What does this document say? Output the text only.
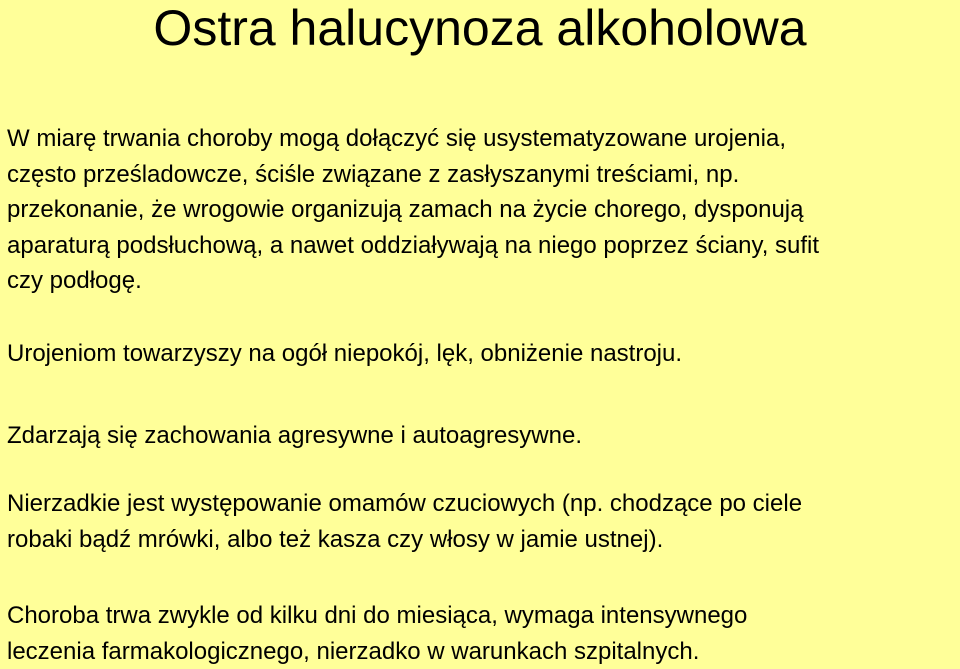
Ostra halucynoza alkoholowa

W miarę trwania choroby mogą dołączyć się usystematyzowane urojenia,
często prześladowcze, ściśle związane z zasłyszanymi treściami, np.
przekonanie, że wrogowie organizują zamach na życie chorego, dysponują
aparaturą podsłuchową, a nawet oddziaływają na niego poprzez ściany, sufit
czy podłogę.

Urojeniom towarzyszy na ogół niepokój, lęk, obniżenie nastroju.

Zdarzają się zachowania agresywne i autoagresywne.

Nierzadkie jest występowanie omamów czuciowych (np. chodzące po ciele
robaki bądź mrówki, albo też kasza czy włosy w jamie ustnej).

Choroba trwa zwykle od kilku dni do miesiąca, wymaga intensywnego
leczenia farmakologicznego, nierzadko w warunkach szpitalnych.
